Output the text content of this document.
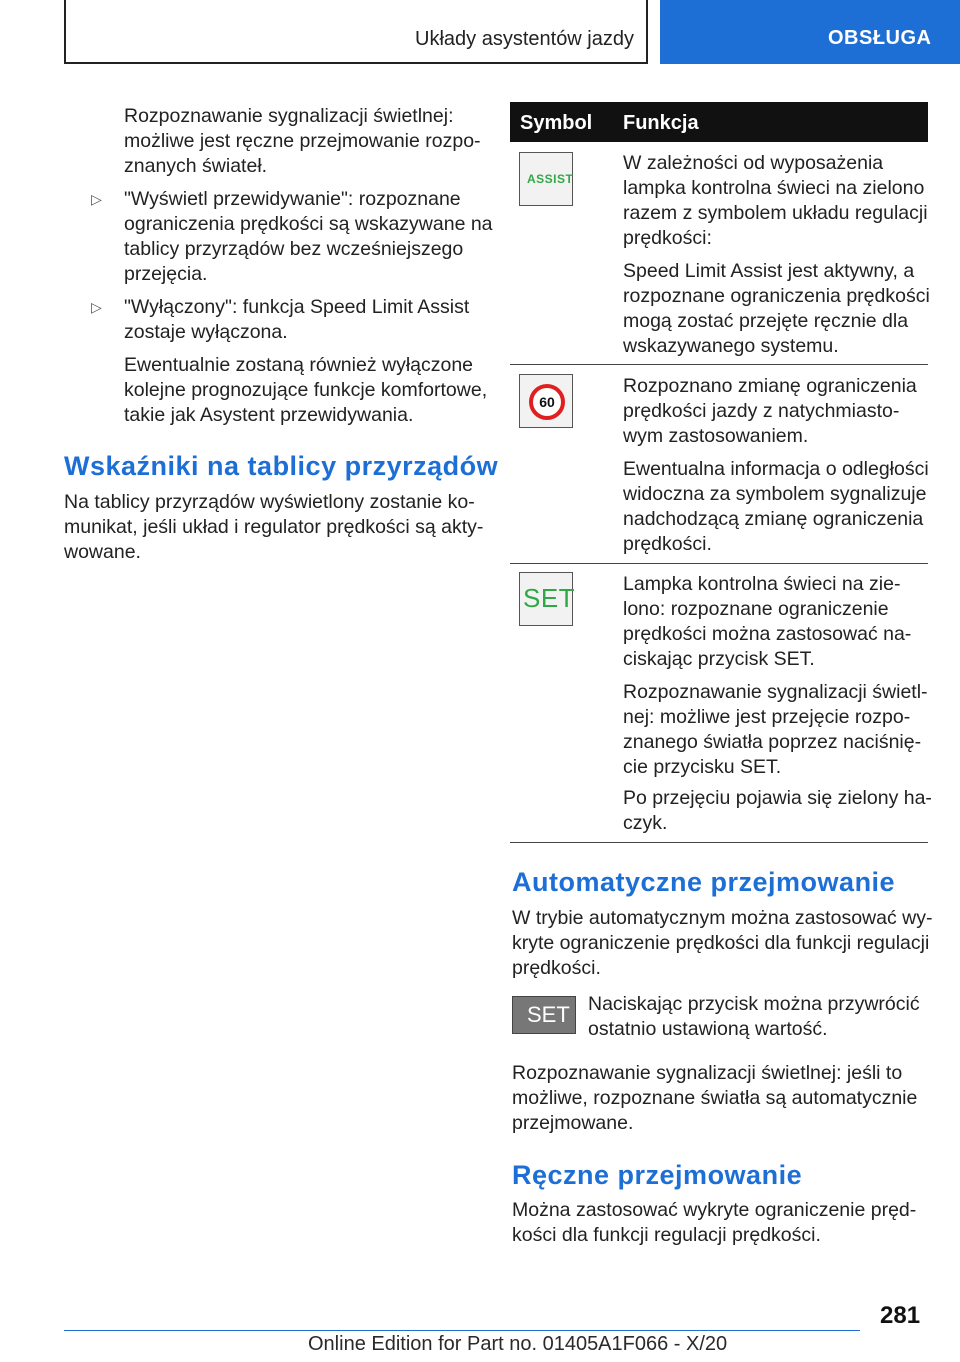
Układy asystentów jazdy	OBSŁUGA
Rozpoznawanie sygnalizacji świetlnej:
możliwe jest ręczne przejmowanie rozpo-
znanych świateł.
▷ "Wyświetl przewidywanie": rozpoznane
ograniczenia prędkości są wskazywane na
tablicy przyrządów bez wcześniejszego
przejęcia.
▷ "Wyłączony": funkcja Speed Limit Assist
zostaje wyłączona.
Ewentualnie zostaną również wyłączone
kolejne prognozujące funkcje komfortowe,
takie jak Asystent przewidywania.
Wskaźniki na tablicy przyrządów
Na tablicy przyrządów wyświetlony zostanie ko-
munikat, jeśli układ i regulator prędkości są akty-
wowane.
Symbol Funkcja
ASSIST
W zależności od wyposażenia
lampka kontrolna świeci na zielono
razem z symbolem układu regulacji
prędkości:
Speed Limit Assist jest aktywny, a
rozpoznane ograniczenia prędkości
mogą zostać przejęte ręcznie dla
wskazywanego systemu.
60
Rozpoznano zmianę ograniczenia
prędkości jazdy z natychmiasto-
wym zastosowaniem.
Ewentualna informacja o odległości
widoczna za symbolem sygnalizuje
nadchodzącą zmianę ograniczenia
prędkości.
SET Lampka kontrolna świeci na zie-
lono: rozpoznane ograniczenie
prędkości można zastosować na-
ciskając przycisk SET.
Rozpoznawanie sygnalizacji świetl-
nej: możliwe jest przejęcie rozpo-
znanego światła poprzez naciśnię-
cie przycisku SET.
Po przejęciu pojawia się zielony ha-
czyk.
Automatyczne przejmowanie
W trybie automatycznym można zastosować wy-
kryte ograniczenie prędkości dla funkcji regulacji
prędkości.
SET Naciskając przycisk można przywrócić
ostatnio ustawioną wartość.
Rozpoznawanie sygnalizacji świetlnej: jeśli to
możliwe, rozpoznane światła są automatycznie
przejmowane.
Ręczne przejmowanie
Można zastosować wykryte ograniczenie pręd-
kości dla funkcji regulacji prędkości.
281
Online Edition for Part no. 01405A1F066 - X/20
